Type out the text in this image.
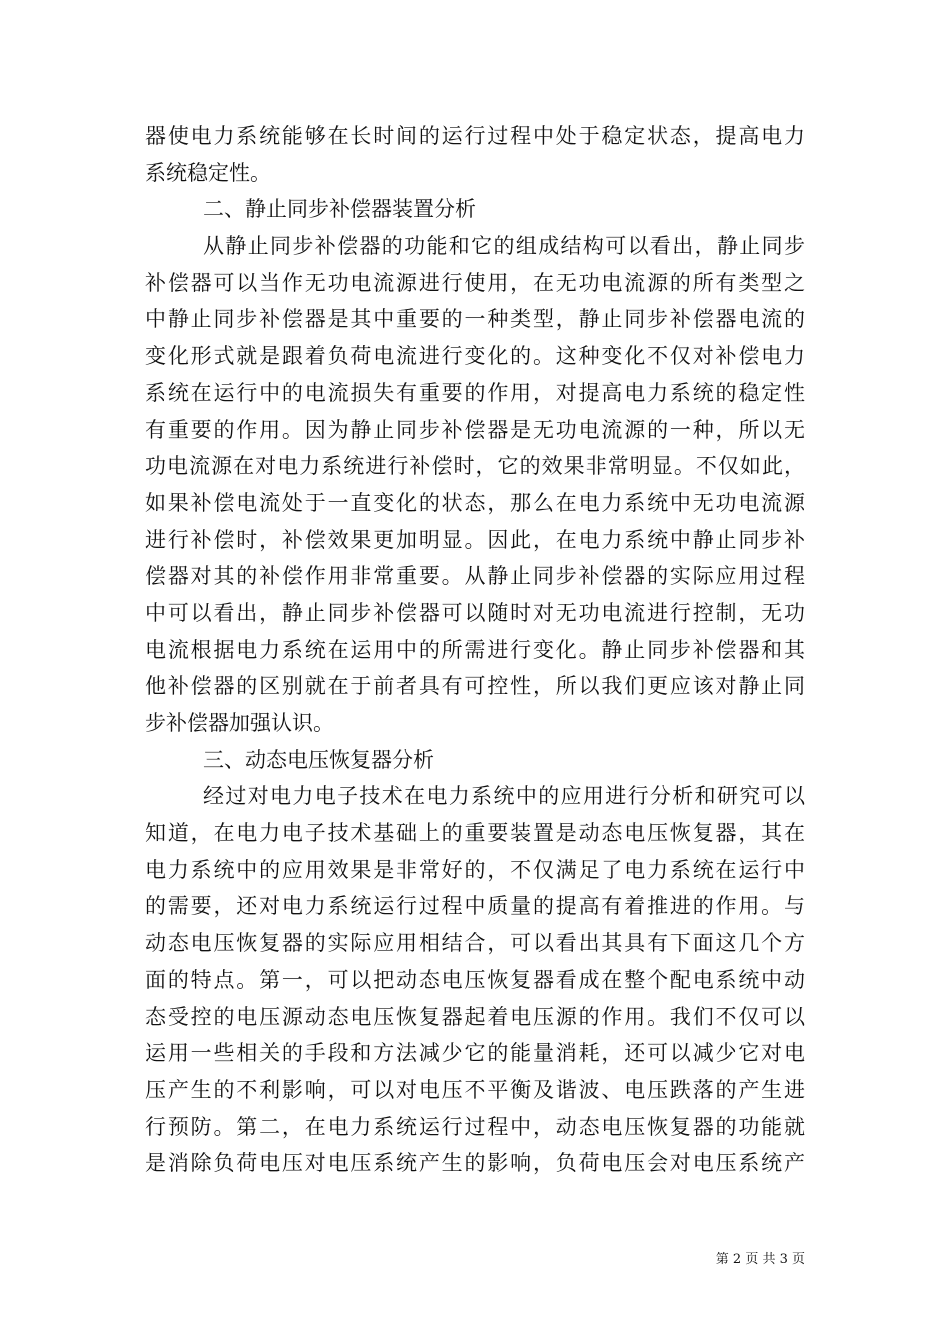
器使电力系统能够在长时间的运行过程中处于稳定状态，提高电力
系统稳定性。
二、静止同步补偿器装置分析
从静止同步补偿器的功能和它的组成结构可以看出，静止同步
补偿器可以当作无功电流源进行使用，在无功电流源的所有类型之
中静止同步补偿器是其中重要的一种类型，静止同步补偿器电流的
变化形式就是跟着负荷电流进行变化的。这种变化不仅对补偿电力
系统在运行中的电流损失有重要的作用，对提高电力系统的稳定性
有重要的作用。因为静止同步补偿器是无功电流源的一种，所以无
功电流源在对电力系统进行补偿时，它的效果非常明显。不仅如此，
如果补偿电流处于一直变化的状态，那么在电力系统中无功电流源
进行补偿时，补偿效果更加明显。因此，在电力系统中静止同步补
偿器对其的补偿作用非常重要。从静止同步补偿器的实际应用过程
中可以看出，静止同步补偿器可以随时对无功电流进行控制，无功
电流根据电力系统在运用中的所需进行变化。静止同步补偿器和其
他补偿器的区别就在于前者具有可控性，所以我们更应该对静止同
步补偿器加强认识。
三、动态电压恢复器分析
经过对电力电子技术在电力系统中的应用进行分析和研究可以
知道，在电力电子技术基础上的重要装置是动态电压恢复器，其在
电力系统中的应用效果是非常好的，不仅满足了电力系统在运行中
的需要，还对电力系统运行过程中质量的提高有着推进的作用。与
动态电压恢复器的实际应用相结合，可以看出其具有下面这几个方
面的特点。第一，可以把动态电压恢复器看成在整个配电系统中动
态受控的电压源动态电压恢复器起着电压源的作用。我们不仅可以
运用一些相关的手段和方法减少它的能量消耗，还可以减少它对电
压产生的不利影响，可以对电压不平衡及谐波、电压跌落的产生进
行预防。第二，在电力系统运行过程中，动态电压恢复器的功能就
是消除负荷电压对电压系统产生的影响，负荷电压会对电压系统产
第 2 页 共 3 页
